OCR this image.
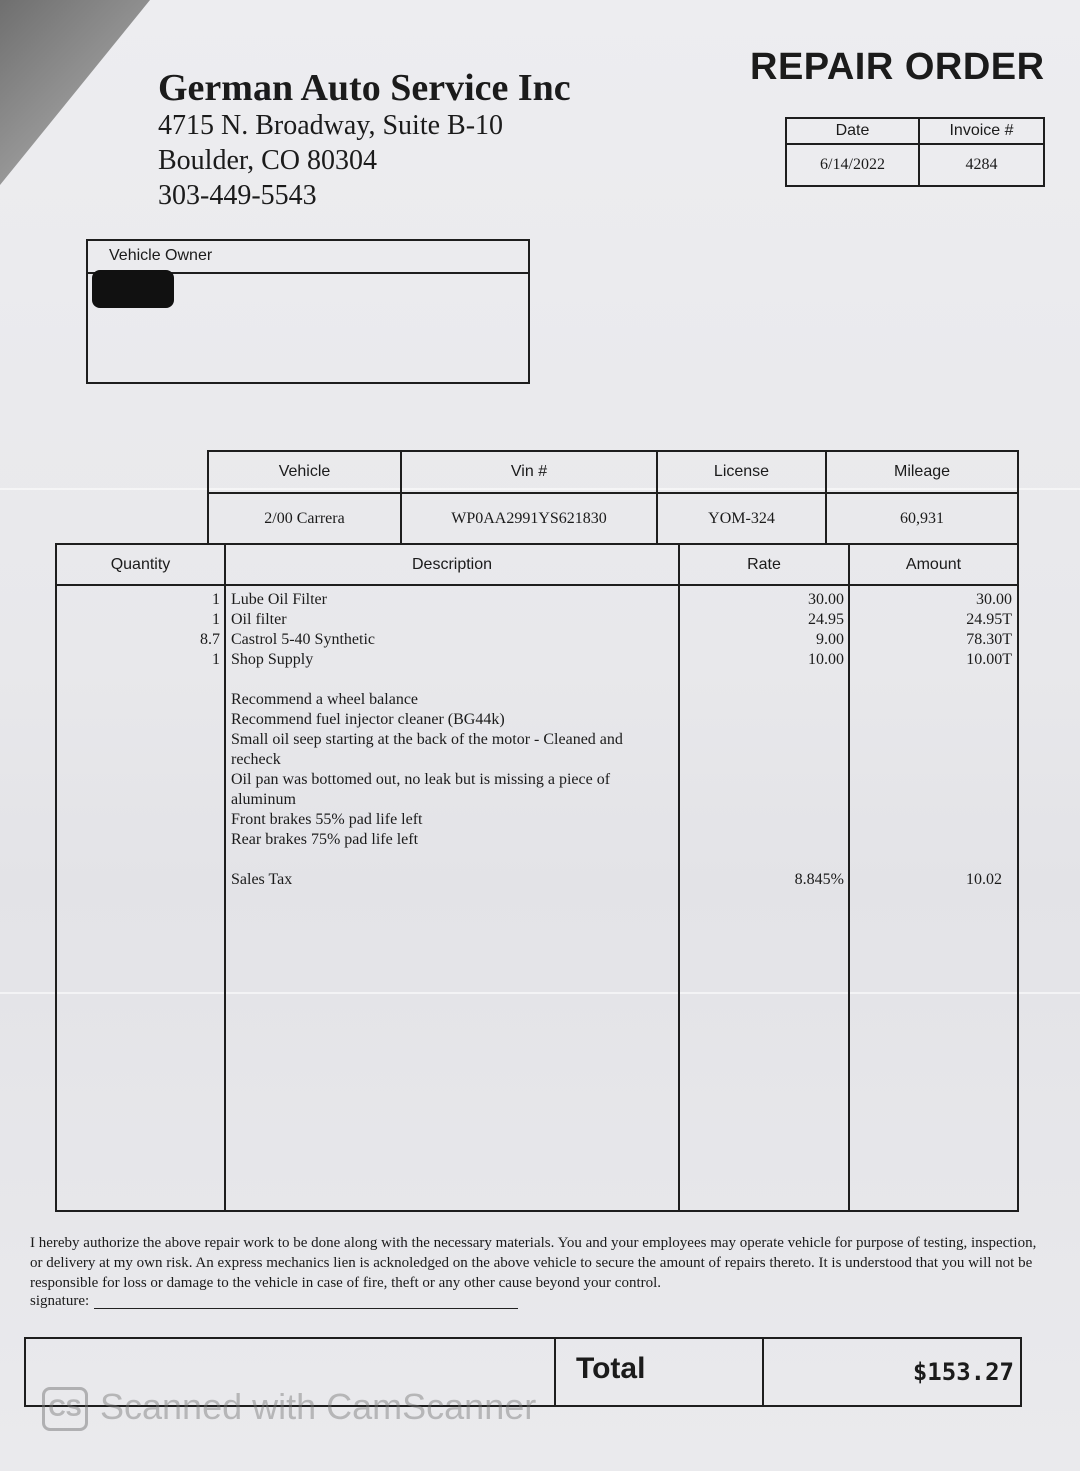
German Auto Service Inc
4715 N. Broadway, Suite B-10
Boulder, CO 80304
303-449-5543
REPAIR ORDER
Date	Invoice #
6/14/2022	4284
Vehicle Owner
Vehicle	Vin #	License	Mileage
2/00 Carrera	WP0AA2991YS621830	YOM-324	60,931
Quantity	Description	Rate	Amount
1 Lube Oil Filter	30.00	30.00
1 Oil filter	24.95	24.95T
8.7 Castrol 5-40 Synthetic	9.00	78.30T
1 Shop Supply	10.00	10.00T
Recommend a wheel balance
Recommend fuel injector cleaner (BG44k)
Small oil seep starting at the back of the motor - Cleaned and
recheck
Oil pan was bottomed out, no leak but is missing a piece of
aluminum
Front brakes 55% pad life left
Rear brakes 75% pad life left
Sales Tax	8.845%	10.02
I hereby authorize the above repair work to be done along with the necessary materials. You and your employees may operate vehicle for purpose of testing, inspection, or delivery at my own risk. An express mechanics lien is acknoledged on the above vehicle to secure the amount of repairs thereto. It is understood that you will not be responsible for loss or damage to the vehicle in case of fire, theft or any other cause beyond your control.
signature:
Total	$153.27
CS Scanned with CamScanner
